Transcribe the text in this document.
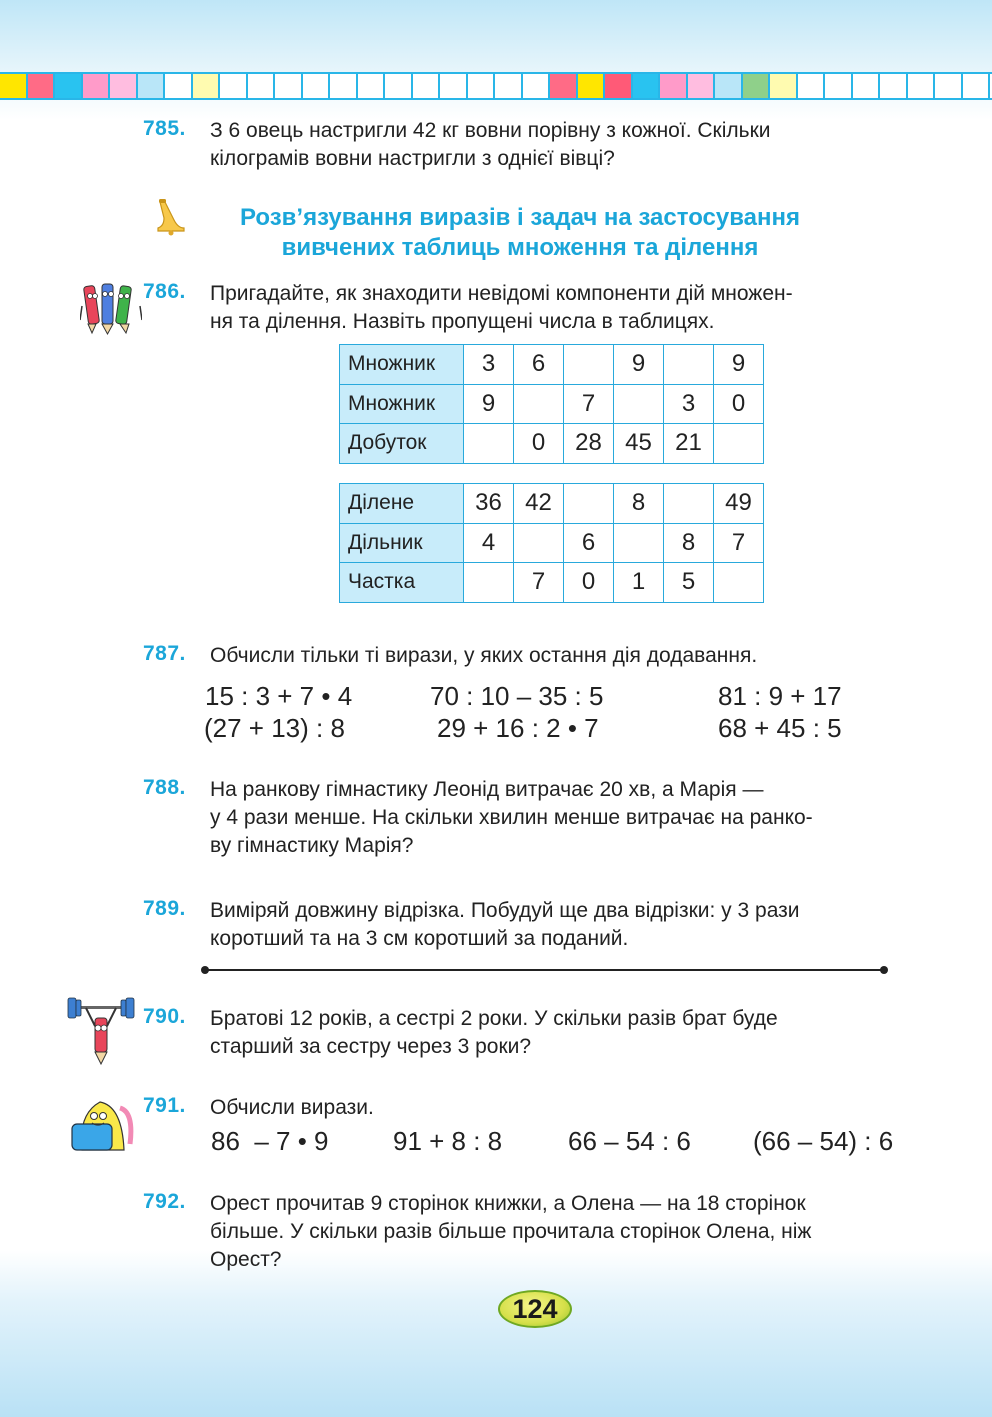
785. З 6 овець настригли 42 кг вовни порівну з кожної. Скільки
кілограмів вовни настригли з однієї вівці?
Розв’язування виразів і задач на застосування
вивчених таблиць множення та ділення
786. Пригадайте, як знаходити невідомі компоненти дій множен-
ня та ділення. Назвіть пропущені числа в таблицях.
Множник	3	6		9		9
Множник	9		7		3	0
Добуток		0	28	45	21	
Ділене	36	42		8		49
Дільник	4		6		8	7
Частка		7	0	1	5	
787. Обчисли тільки ті вирази, у яких остання дія додавання.
15 : 3 + 7 • 4	70 : 10 – 35 : 5	81 : 9 + 17
(27 + 13) : 8	29 + 16 : 2 • 7	68 + 45 : 5
788. На ранкову гімнастику Леонід витрачає 20 хв, а Марія —
у 4 рази менше. На скільки хвилин менше витрачає на ранко-
ву гімнастику Марія?
789. Виміряй довжину відрізка. Побудуй ще два відрізки: у 3 рази
коротший та на 3 см коротший за поданий.
790. Братові 12 років, а сестрі 2 роки. У скільки разів брат буде
старший за сестру через 3 роки?
791. Обчисли вирази.
86  – 7 • 9 91 + 8 : 8	66 – 54 : 6 (66 – 54) : 6
792. Орест прочитав 9 сторінок книжки, а Олена — на 18 сторінок
більше. У скільки разів більше прочитала сторінок Олена, ніж
Орест?
124
